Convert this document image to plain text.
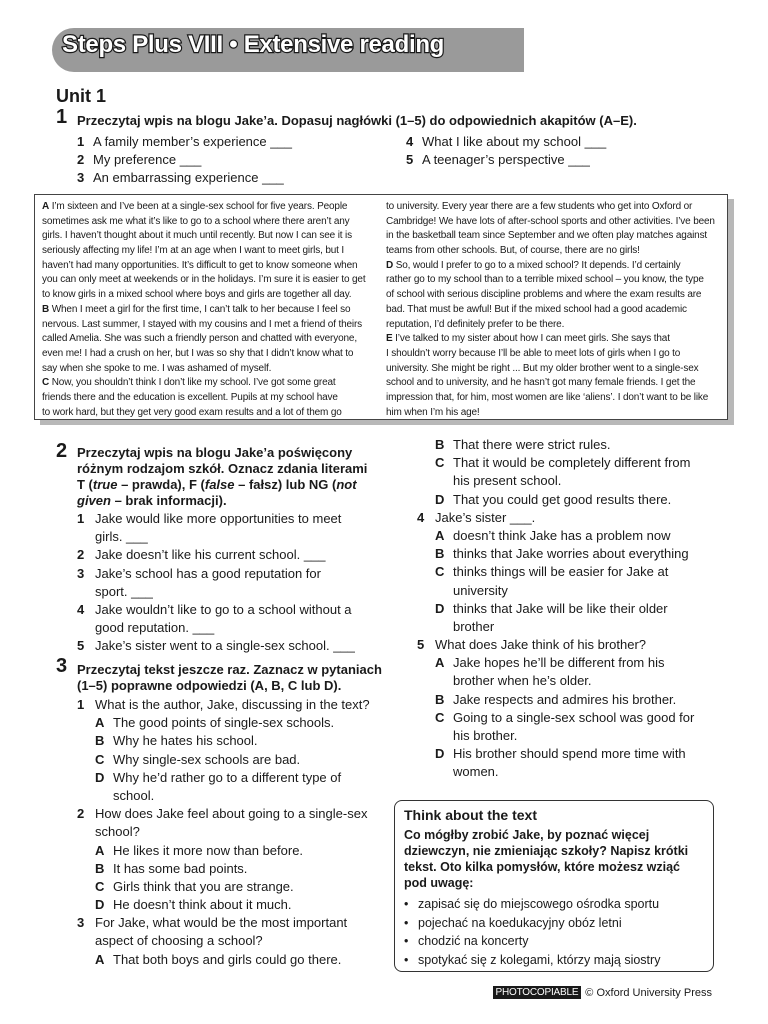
Steps Plus VIII • Extensive reading
Unit 1
1 Przeczytaj wpis na blogu Jake’a. Dopasuj nagłówki (1–5) do odpowiednich akapitów (A–E).
1 A family member’s experience ___
2 My preference ___
3 An embarrassing experience ___
4 What I like about my school ___
5 A teenager’s perspective ___
A I’m sixteen and I’ve been at a single-sex school for five years. People
sometimes ask me what it’s like to go to a school where there aren’t any
girls. I haven’t thought about it much until recently. But now I can see it is
seriously affecting my life! I’m at an age when I want to meet girls, but I
haven’t had many opportunities. It’s difficult to get to know someone when
you can only meet at weekends or in the holidays. I’m sure it is easier to get
to know girls in a mixed school where boys and girls are together all day.
B When I meet a girl for the first time, I can’t talk to her because I feel so
nervous. Last summer, I stayed with my cousins and I met a friend of theirs
called Amelia. She was such a friendly person and chatted with everyone,
even me! I had a crush on her, but I was so shy that I didn’t know what to
say when she spoke to me. I was ashamed of myself.
C Now, you shouldn’t think I don’t like my school. I’ve got some great
friends there and the education is excellent. Pupils at my school have
to work hard, but they get very good exam results and a lot of them go
to university. Every year there are a few students who get into Oxford or
Cambridge! We have lots of after-school sports and other activities. I’ve been
in the basketball team since September and we often play matches against
teams from other schools. But, of course, there are no girls!
D So, would I prefer to go to a mixed school? It depends. I’d certainly
rather go to my school than to a terrible mixed school – you know, the type
of school with serious discipline problems and where the exam results are
bad. That must be awful! But if the mixed school had a good academic
reputation, I’d definitely prefer to be there.
E I’ve talked to my sister about how I can meet girls. She says that
I shouldn’t worry because I’ll be able to meet lots of girls when I go to
university. She might be right ... But my older brother went to a single-sex
school and to university, and he hasn’t got many female friends. I get the
impression that, for him, most women are like ‘aliens’. I don’t want to be like
him when I’m his age!
2 Przeczytaj wpis na blogu Jake’a poświęcony
różnym rodzajom szkół. Oznacz zdania literami
T (true – prawda), F (false – fałsz) lub NG (not
given – brak informacji).
1 Jake would like more opportunities to meet
girls. ___
2 Jake doesn’t like his current school. ___
3 Jake’s school has a good reputation for
sport. ___
4 Jake wouldn’t like to go to a school without a
good reputation. ___
5 Jake’s sister went to a single-sex school. ___
3 Przeczytaj tekst jeszcze raz. Zaznacz w pytaniach
(1–5) poprawne odpowiedzi (A, B, C lub D).
1 What is the author, Jake, discussing in the text?
A The good points of single-sex schools.
B Why he hates his school.
C Why single-sex schools are bad.
D Why he’d rather go to a different type of
school.
2 How does Jake feel about going to a single-sex
school?
A He likes it more now than before.
B It has some bad points.
C Girls think that you are strange.
D He doesn’t think about it much.
3 For Jake, what would be the most important
aspect of choosing a school?
A That both boys and girls could go there.
B That there were strict rules.
C That it would be completely different from
his present school.
D That you could get good results there.
4 Jake’s sister ___.
A doesn’t think Jake has a problem now
B thinks that Jake worries about everything
C thinks things will be easier for Jake at
university
D thinks that Jake will be like their older
brother
5 What does Jake think of his brother?
A Jake hopes he’ll be different from his
brother when he’s older.
B Jake respects and admires his brother.
C Going to a single-sex school was good for
his brother.
D His brother should spend more time with
women.
Think about the text
Co mógłby zrobić Jake, by poznać więcej
dziewczyn, nie zmieniając szkoły? Napisz krótki
tekst. Oto kilka pomysłów, które możesz wziąć
pod uwagę:
• zapisać się do miejscowego ośrodka sportu
• pojechać na koedukacyjny obóz letni
• chodzić na koncerty
• spotykać się z kolegami, którzy mają siostry
PHOTOCOPIABLE © Oxford University Press
